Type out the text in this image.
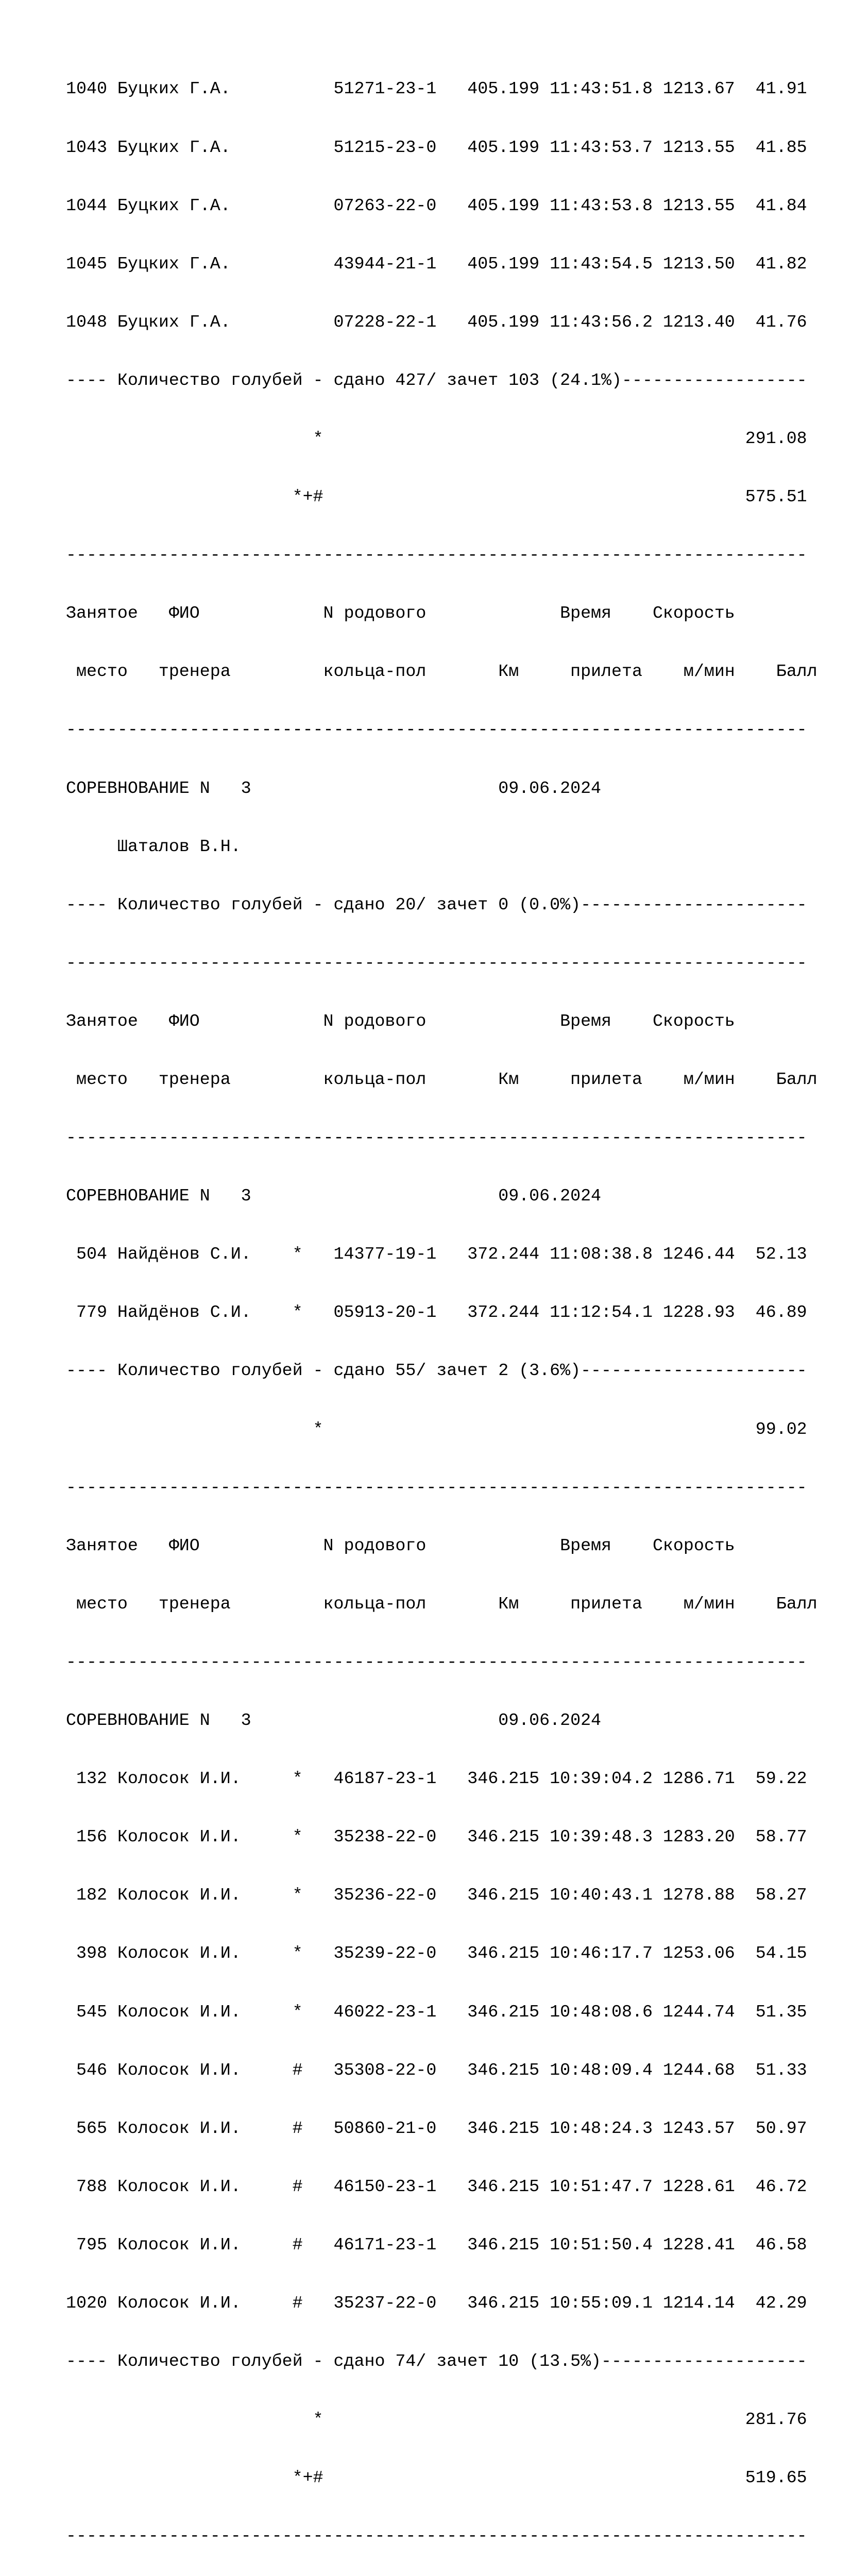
1040 Буцких Г.А.          51271-23-1   405.199 11:43:51.8 1213.67  41.91

1043 Буцких Г.А.          51215-23-0   405.199 11:43:53.7 1213.55  41.85

1044 Буцких Г.А.          07263-22-0   405.199 11:43:53.8 1213.55  41.84

1045 Буцких Г.А.          43944-21-1   405.199 11:43:54.5 1213.50  41.82

1048 Буцких Г.А.          07228-22-1   405.199 11:43:56.2 1213.40  41.76

---- Количество голубей - сдано 427/ зачет 103 (24.1%)------------------

*                                         291.08

*+#                                         575.51

------------------------------------------------------------------------

Занятое   ФИО            N родового             Время    Скорость

место   тренера         кольца-пол       Км     прилета    м/мин    Балл

------------------------------------------------------------------------

СОРЕВНОВАНИЕ N   3                        09.06.2024

Шаталов В.Н.

---- Количество голубей - сдано 20/ зачет 0 (0.0%)----------------------

------------------------------------------------------------------------

Занятое   ФИО            N родового             Время    Скорость

место   тренера         кольца-пол       Км     прилета    м/мин    Балл

------------------------------------------------------------------------

СОРЕВНОВАНИЕ N   3                        09.06.2024

504 Найдёнов С.И.    *   14377-19-1   372.244 11:08:38.8 1246.44  52.13

779 Найдёнов С.И.    *   05913-20-1   372.244 11:12:54.1 1228.93  46.89

---- Количество голубей - сдано 55/ зачет 2 (3.6%)----------------------

*                                          99.02

------------------------------------------------------------------------

Занятое   ФИО            N родового             Время    Скорость

место   тренера         кольца-пол       Км     прилета    м/мин    Балл

------------------------------------------------------------------------

СОРЕВНОВАНИЕ N   3                        09.06.2024

132 Колосок И.И.     *   46187-23-1   346.215 10:39:04.2 1286.71  59.22

156 Колосок И.И.     *   35238-22-0   346.215 10:39:48.3 1283.20  58.77

182 Колосок И.И.     *   35236-22-0   346.215 10:40:43.1 1278.88  58.27

398 Колосок И.И.     *   35239-22-0   346.215 10:46:17.7 1253.06  54.15

545 Колосок И.И.     *   46022-23-1   346.215 10:48:08.6 1244.74  51.35

546 Колосок И.И.     #   35308-22-0   346.215 10:48:09.4 1244.68  51.33

565 Колосок И.И.     #   50860-21-0   346.215 10:48:24.3 1243.57  50.97

788 Колосок И.И.     #   46150-23-1   346.215 10:51:47.7 1228.61  46.72

795 Колосок И.И.     #   46171-23-1   346.215 10:51:50.4 1228.41  46.58

1020 Колосок И.И.     #   35237-22-0   346.215 10:55:09.1 1214.14  42.29

---- Количество голубей - сдано 74/ зачет 10 (13.5%)--------------------

*                                         281.76

*+#                                         519.65

------------------------------------------------------------------------
